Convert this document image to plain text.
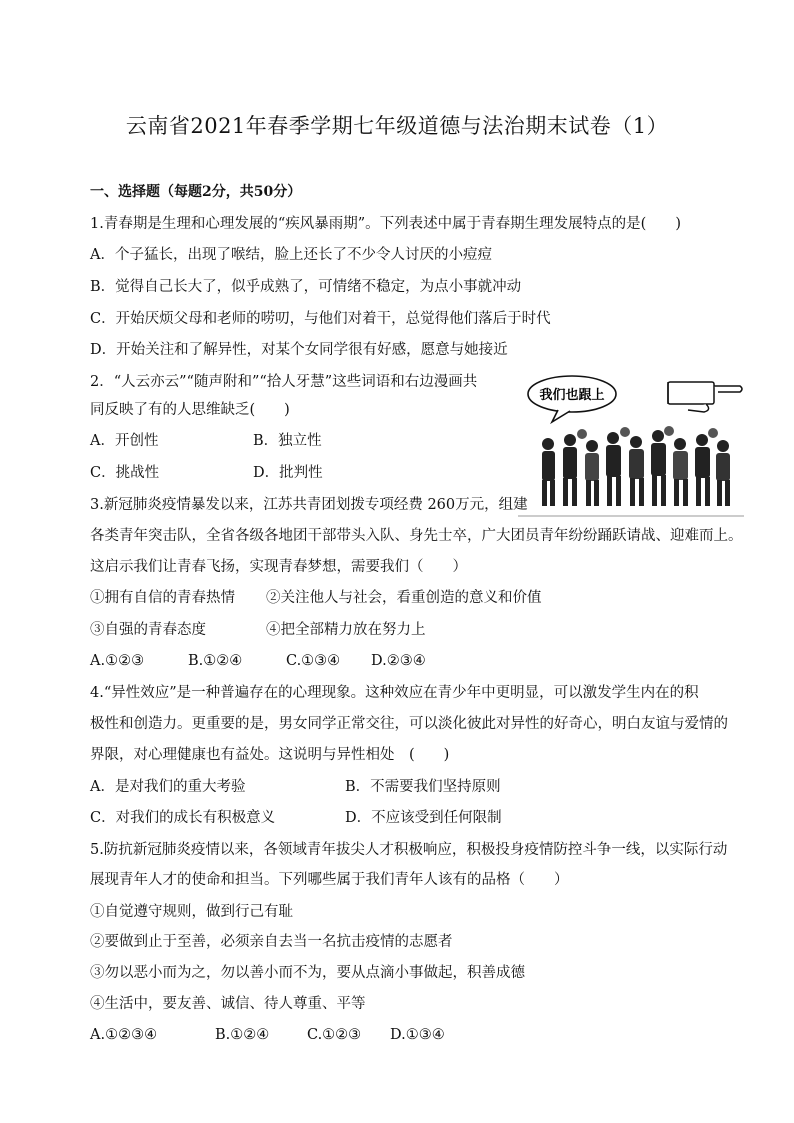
云南省2021年春季学期七年级道德与法治期末试卷（1）
一、选择题（每题2分，共50分）
1.青春期是生理和心理发展的“疾风暴雨期”。下列表述中属于青春期生理发展特点的是(　　)
A．个子猛长，出现了喉结，脸上还长了不少令人讨厌的小痘痘
B．觉得自己长大了，似乎成熟了，可情绪不稳定，为点小事就冲动
C．开始厌烦父母和老师的唠叨，与他们对着干，总觉得他们落后于时代
D．开始关注和了解异性，对某个女同学很有好感，愿意与她接近
2．“人云亦云”“随声附和”“拾人牙慧”这些词语和右边漫画共
同反映了有的人思维缺乏(　　)
A．开创性	B．独立性
C．挑战性	D．批判性
我们也跟上
3.新冠肺炎疫情暴发以来，江苏共青团划拨专项经费 260万元，组建
各类青年突击队，全省各级各地团干部带头入队、身先士卒，广大团员青年纷纷踊跃请战、迎难而上。
这启示我们让青春飞扬，实现青春梦想，需要我们（　　）
①拥有自信的青春热情 ②关注他人与社会，看重创造的意义和价值
③自强的青春态度	④把全部精力放在努力上
A.①②③	B.①②④	C.①③④ D.②③④
4.“异性效应”是一种普遍存在的心理现象。这种效应在青少年中更明显，可以激发学生内在的积
极性和创造力。更重要的是，男女同学正常交往，可以淡化彼此对异性的好奇心，明白友谊与爱情的
界限，对心理健康也有益处。这说明与异性相处　(　　)
A．是对我们的重大考验	B．不需要我们坚持原则
C．对我们的成长有积极意义	D．不应该受到任何限制
5.防抗新冠肺炎疫情以来，各领域青年拔尖人才积极响应，积极投身疫情防控斗争一线，以实际行动
展现青年人才的使命和担当。下列哪些属于我们青年人该有的品格（　　）
①自觉遵守规则，做到行己有耻
②要做到止于至善，必须亲自去当一名抗击疫情的志愿者
③勿以恶小而为之，勿以善小而不为，要从点滴小事做起，积善成德
④生活中，要友善、诚信、待人尊重、平等
A.①②③④	B.①②④	C.①②③ D.①③④
